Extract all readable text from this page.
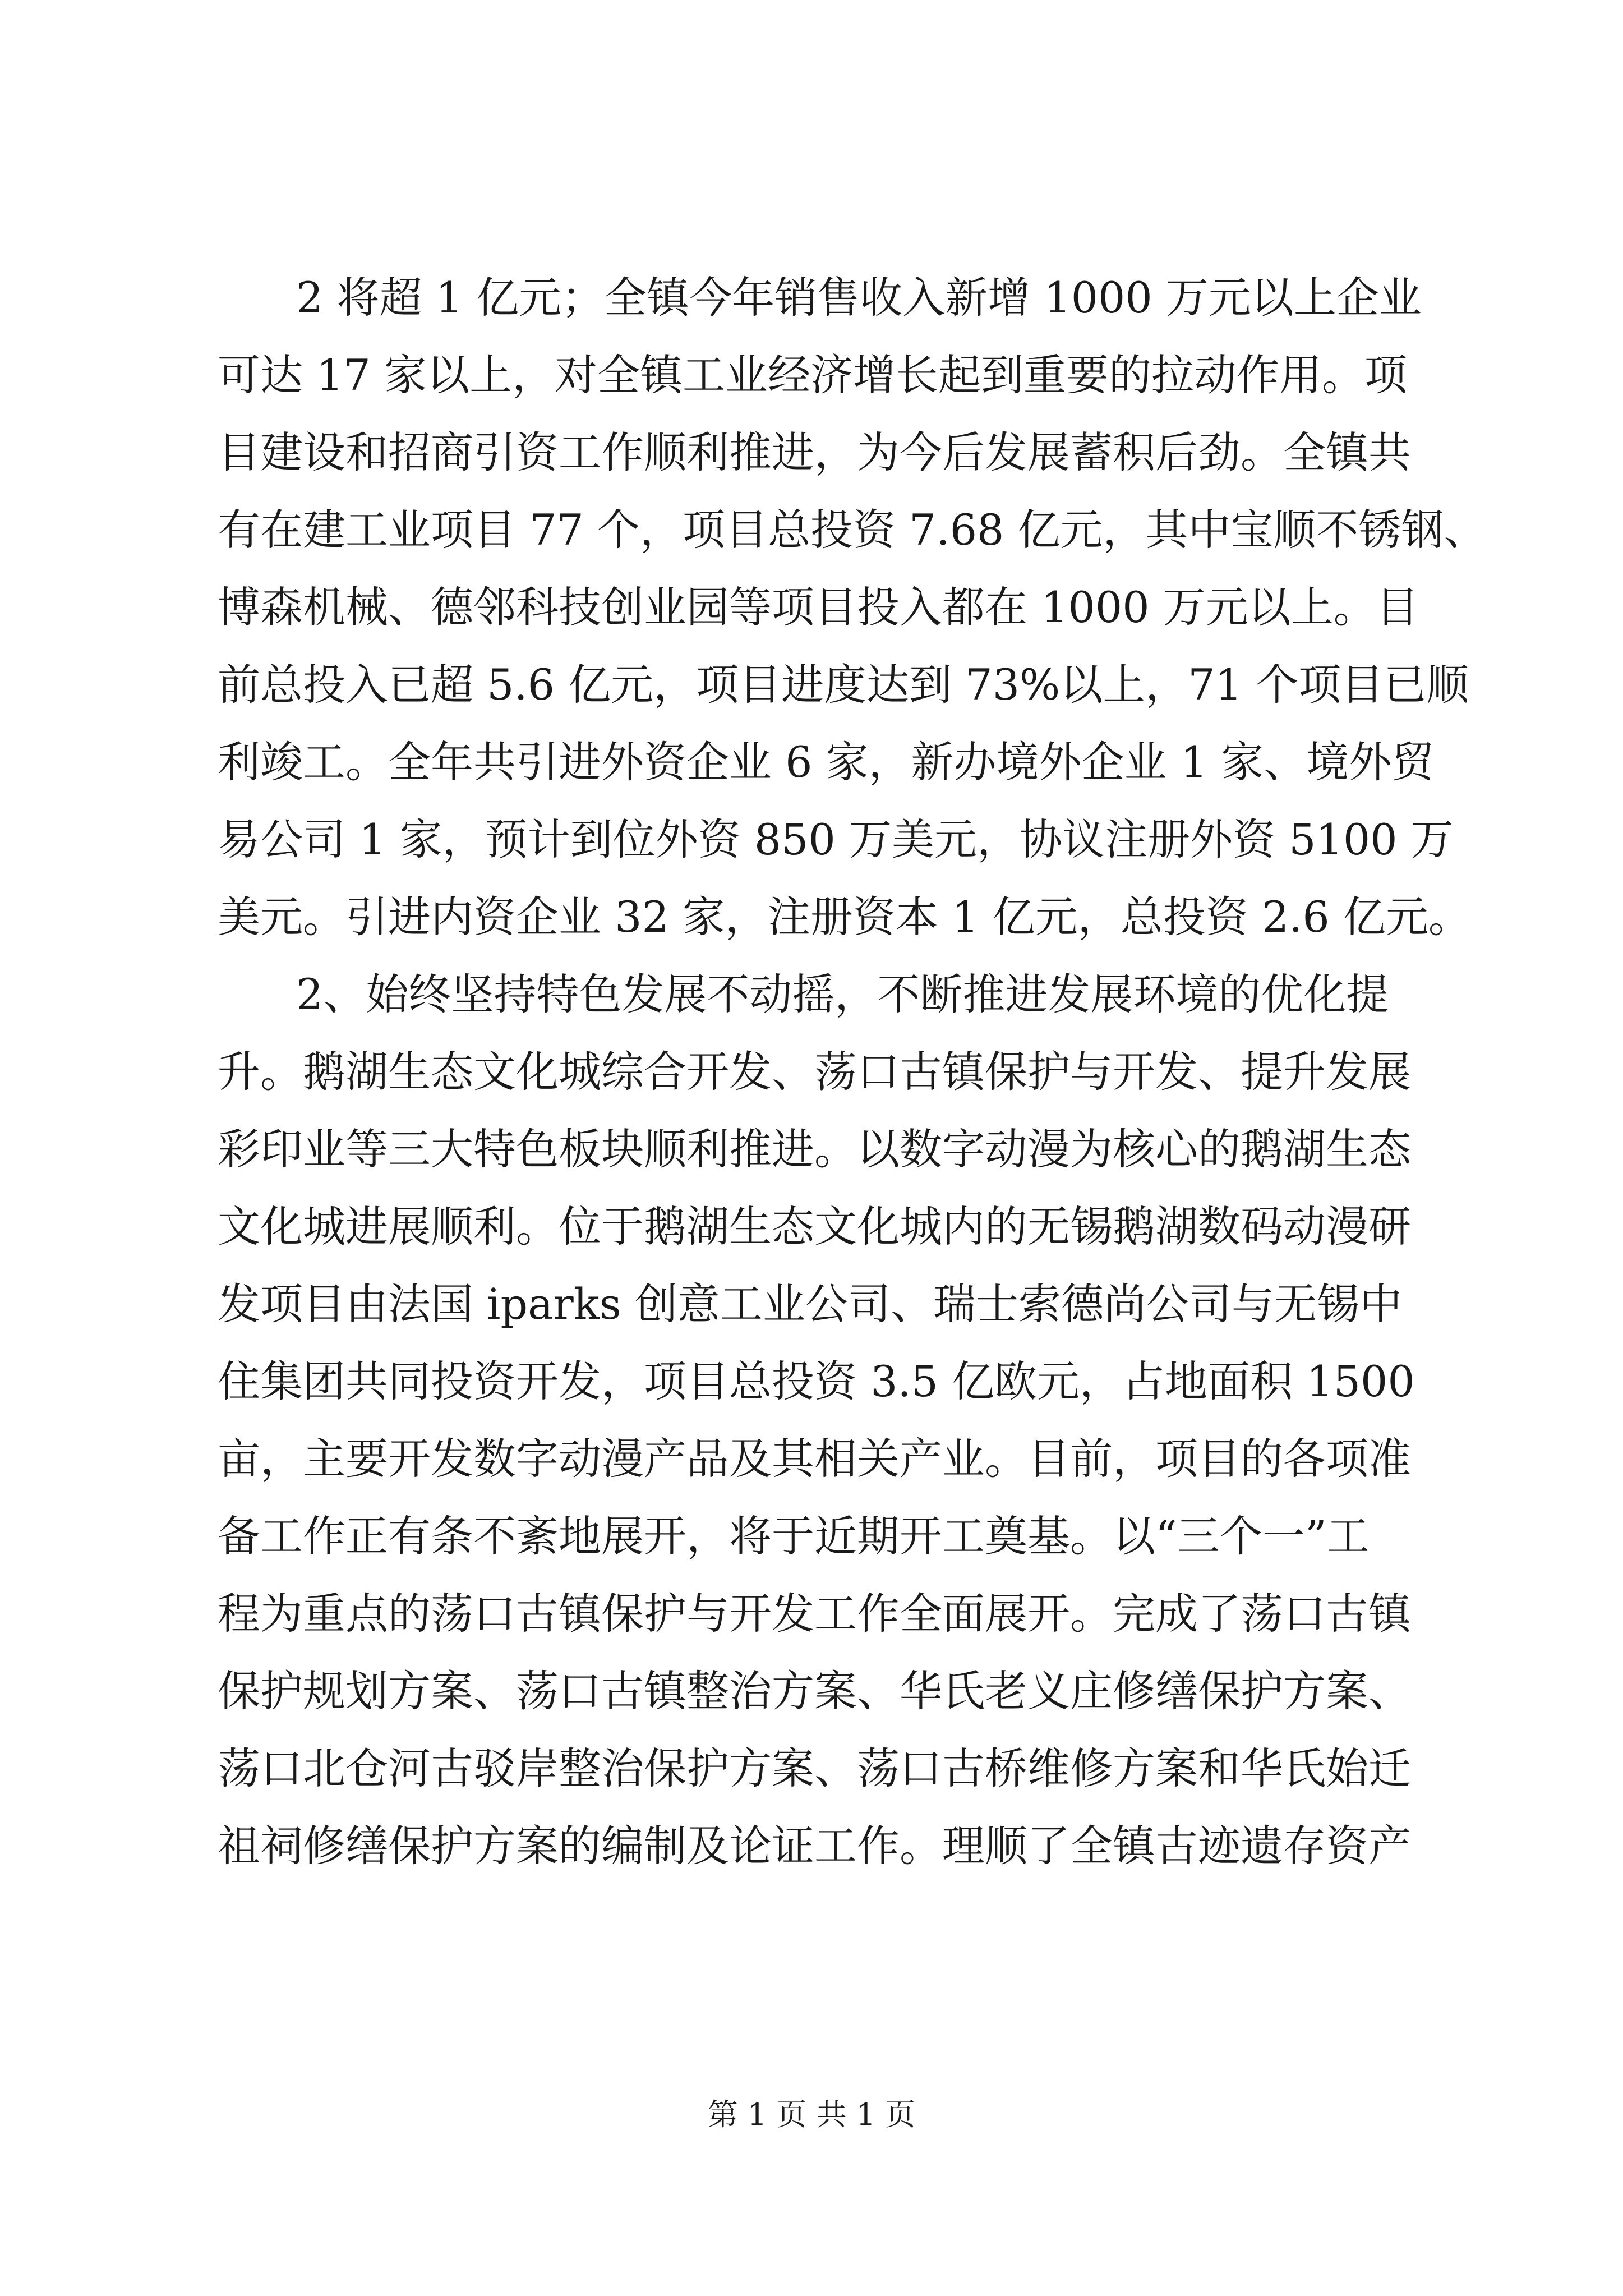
2 将超 1 亿元；全镇今年销售收入新增 1000 万元以上企业
可达 17 家以上，对全镇工业经济增长起到重要的拉动作用。项
目建设和招商引资工作顺利推进，为今后发展蓄积后劲。全镇共
有在建工业项目 77 个，项目总投资 7.68 亿元，其中宝顺不锈钢、
博森机械、德邻科技创业园等项目投入都在 1000 万元以上。目
前总投入已超 5.6 亿元，项目进度达到 73%以上，71 个项目已顺
利竣工。全年共引进外资企业 6 家，新办境外企业 1 家、境外贸
易公司 1 家，预计到位外资 850 万美元，协议注册外资 5100 万
美元。引进内资企业 32 家，注册资本 1 亿元，总投资 2.6 亿元。
2、始终坚持特色发展不动摇，不断推进发展环境的优化提
升。鹅湖生态文化城综合开发、荡口古镇保护与开发、提升发展
彩印业等三大特色板块顺利推进。以数字动漫为核心的鹅湖生态
文化城进展顺利。位于鹅湖生态文化城内的无锡鹅湖数码动漫研
发项目由法国 iparks 创意工业公司、瑞士索德尚公司与无锡中
住集团共同投资开发，项目总投资 3.5 亿欧元，占地面积 1500
亩，主要开发数字动漫产品及其相关产业。目前，项目的各项准
备工作正有条不紊地展开，将于近期开工奠基。以“三个一”工
程为重点的荡口古镇保护与开发工作全面展开。完成了荡口古镇
保护规划方案、荡口古镇整治方案、华氏老义庄修缮保护方案、
荡口北仓河古驳岸整治保护方案、荡口古桥维修方案和华氏始迁
祖祠修缮保护方案的编制及论证工作。理顺了全镇古迹遗存资产
第 1 页 共 1 页
